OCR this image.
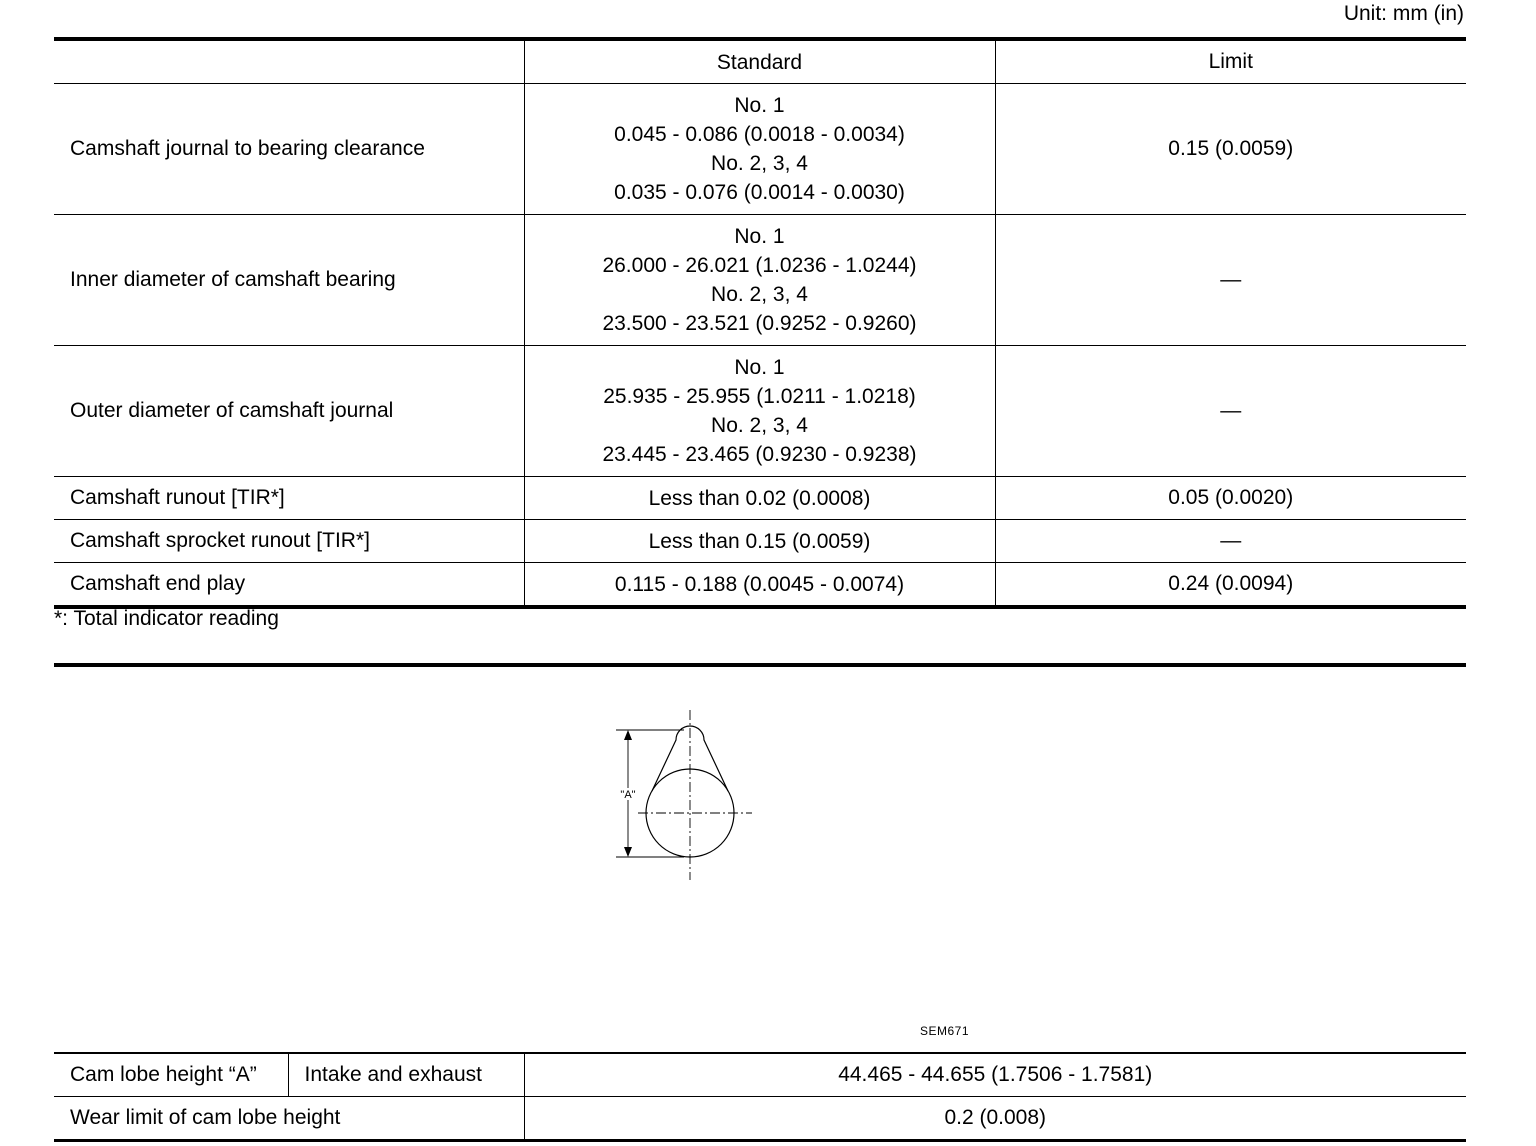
Unit: mm (in)
	Standard	Limit
Camshaft journal to bearing clearance	No. 1
0.045 - 0.086 (0.0018 - 0.0034)
No. 2, 3, 4
0.035 - 0.076 (0.0014 - 0.0030)	0.15 (0.0059)
Inner diameter of camshaft bearing	No. 1
26.000 - 26.021 (1.0236 - 1.0244)
No. 2, 3, 4
23.500 - 23.521 (0.9252 - 0.9260)	—
Outer diameter of camshaft journal	No. 1
25.935 - 25.955 (1.0211 - 1.0218)
No. 2, 3, 4
23.445 - 23.465 (0.9230 - 0.9238)	—
Camshaft runout [TIR*]	Less than 0.02 (0.0008)	0.05 (0.0020)
Camshaft sprocket runout [TIR*]	Less than 0.15 (0.0059)	—
Camshaft end play	0.115 - 0.188 (0.0045 - 0.0074)	0.24 (0.0094)
*: Total indicator reading
"A"
SEM671
Cam lobe height “A”	Intake and exhaust	44.465 - 44.655 (1.7506 - 1.7581)
Wear limit of cam lobe height		0.2 (0.008)
